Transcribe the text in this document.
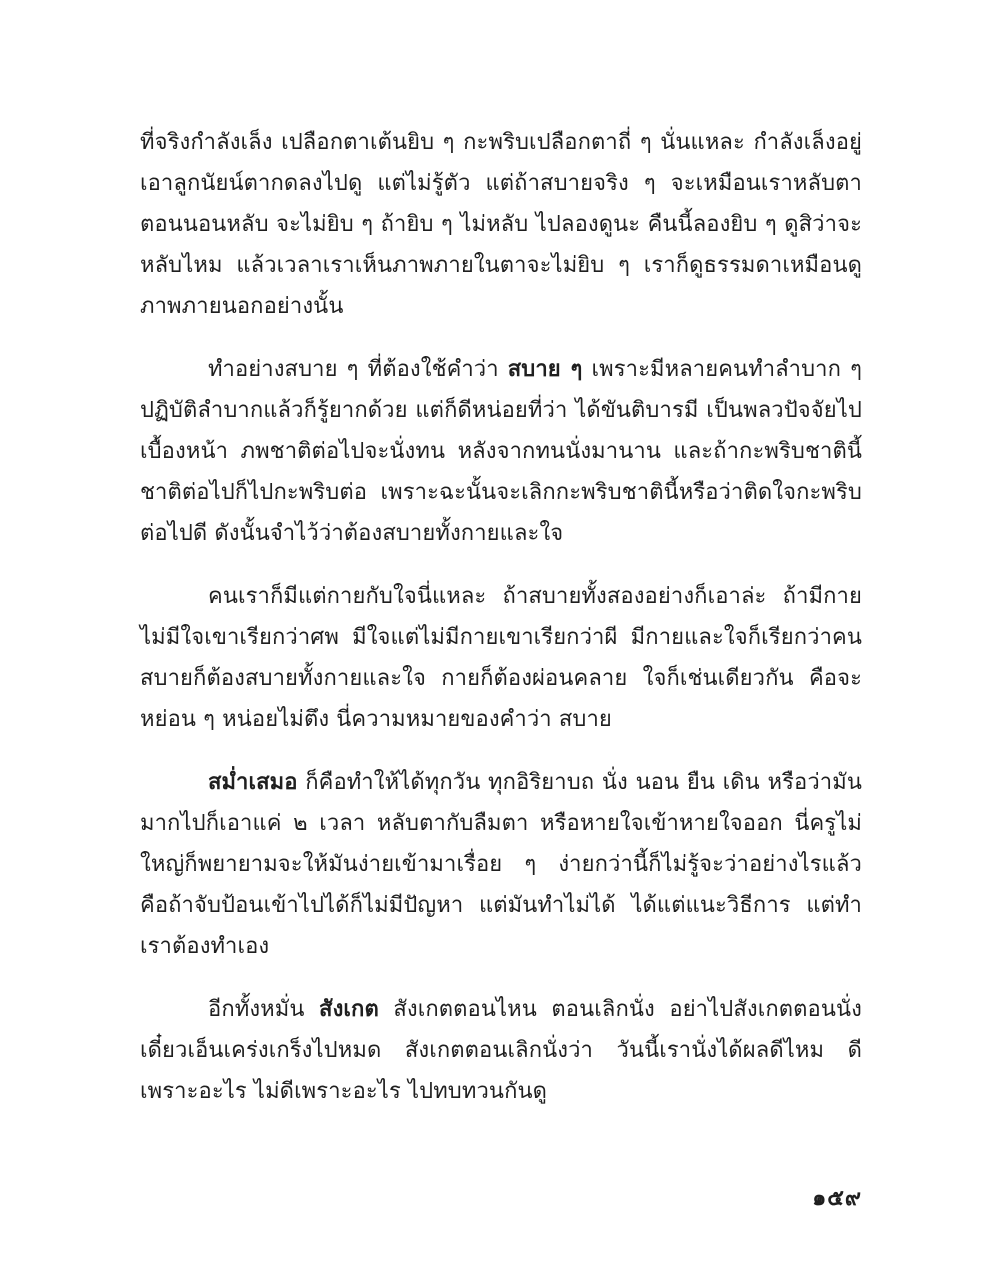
ที่จริงกำลังเล็ง เปลือกตาเต้นยิบ ๆ กะพริบเปลือกตาถี่ ๆ นั่นแหละ กำลังเล็งอยู่ เอาลูกนัยน์ตากดลงไปดู แต่ไม่รู้ตัว แต่ถ้าสบายจริง ๆ จะเหมือนเราหลับตาตอนนอนหลับ จะไม่ยิบ ๆ ถ้ายิบ ๆ ไม่หลับ ไปลองดูนะ คืนนี้ลองยิบ ๆ ดูสิว่าจะหลับไหม แล้วเวลาเราเห็นภาพภายในตาจะไม่ยิบ ๆ เราก็ดูธรรมดาเหมือนดูภาพภายนอกอย่างนั้น

ทำอย่างสบาย ๆ ที่ต้องใช้คำว่า สบาย ๆ เพราะมีหลายคนทำลำบาก ๆ ปฏิบัติลำบากแล้วก็รู้ยากด้วย แต่ก็ดีหน่อยที่ว่า ได้ขันติบารมี เป็นพลวปัจจัยไปเบื้องหน้า ภพชาติต่อไปจะนั่งทน หลังจากทนนั่งมานาน และถ้ากะพริบชาตินี้ ชาติต่อไปก็ไปกะพริบต่อ เพราะฉะนั้นจะเลิกกะพริบชาตินี้หรือว่าติดใจกะพริบต่อไปดี ดังนั้นจำไว้ว่าต้องสบายทั้งกายและใจ

คนเราก็มีแต่กายกับใจนี่แหละ ถ้าสบายทั้งสองอย่างก็เอาล่ะ ถ้ามีกายไม่มีใจเขาเรียกว่าศพ มีใจแต่ไม่มีกายเขาเรียกว่าผี มีกายและใจก็เรียกว่าคน สบายก็ต้องสบายทั้งกายและใจ กายก็ต้องผ่อนคลาย ใจก็เช่นเดียวกัน คือจะหย่อน ๆ หน่อยไม่ตึง นี่ความหมายของคำว่า สบาย

สม่ำเสมอ ก็คือทำให้ได้ทุกวัน ทุกอิริยาบถ นั่ง นอน ยืน เดิน หรือว่ามันมากไปก็เอาแค่ ๒ เวลา หลับตากับลืมตา หรือหายใจเข้าหายใจออก นี่ครูไม่ใหญ่ก็พยายามจะให้มันง่ายเข้ามาเรื่อย ๆ ง่ายกว่านี้ก็ไม่รู้จะว่าอย่างไรแล้ว คือถ้าจับป้อนเข้าไปได้ก็ไม่มีปัญหา แต่มันทำไม่ได้ ได้แต่แนะวิธีการ แต่ทำเราต้องทำเอง

อีกทั้งหมั่น สังเกต สังเกตตอนไหน ตอนเลิกนั่ง อย่าไปสังเกตตอนนั่ง เดี๋ยวเอ็นเคร่งเกร็งไปหมด สังเกตตอนเลิกนั่งว่า วันนี้เรานั่งได้ผลดีไหม ดีเพราะอะไร ไม่ดีเพราะอะไร ไปทบทวนกันดู

๑๕๙
